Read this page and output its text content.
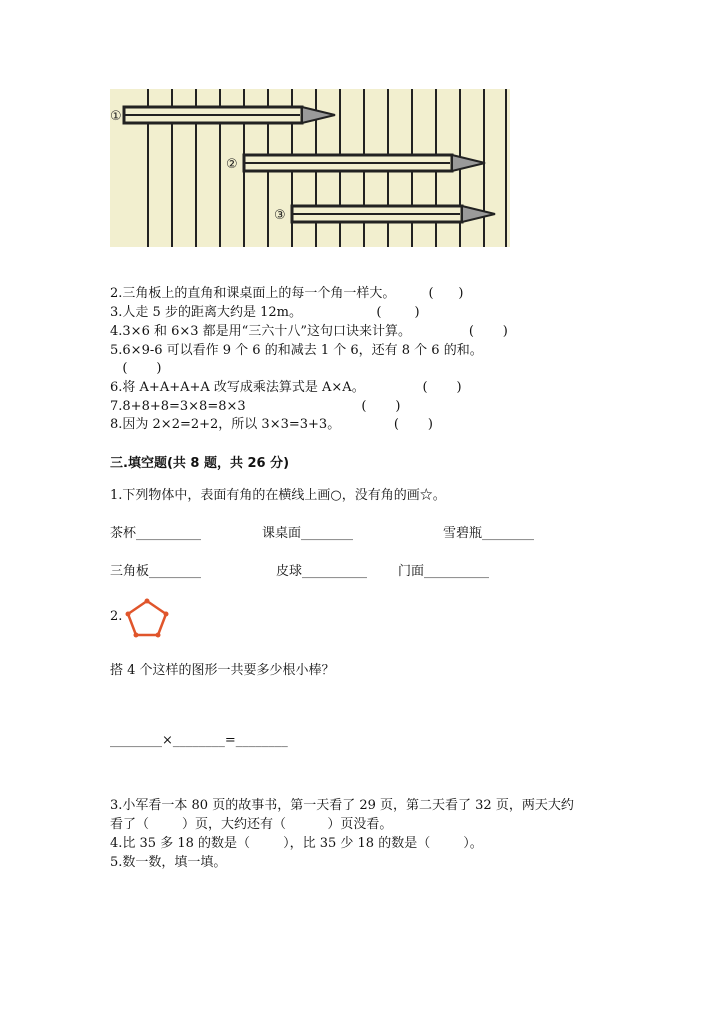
①
②
③
2.三角板上的直角和课桌面上的每一个角一样大。        (      )
3.人走 5 步的距离大约是 12m。                  (        )
4.3×6 和 6×3 都是用“三六十八”这句口诀来计算。              (       )
5.6×9-6 可以看作 9 个 6 的和减去 1 个 6，还有 8 个 6 的和。
(       )
6.将 A+A+A+A 改写成乘法算式是 A×A。              (       )
7.8+8+8=3×8=8×3                            (       )
8.因为 2×2=2+2，所以 3×3=3+3。             (       )
三.填空题(共 8 题，共 26 分)
1.下列物体中，表面有角的在横线上画○，没有角的画☆。
茶杯__________	课桌面________	雪碧瓶________
三角板________	皮球__________ 门面__________
2.
搭 4 个这样的图形一共要多少根小棒？
________×________=________
3.小军看一本 80 页的故事书，第一天看了 29 页，第二天看了 32 页，两天大约
看了（        ）页，大约还有（          ）页没看。
4.比 35 多 18 的数是（        ），比 35 少 18 的数是（        ）。
5.数一数，填一填。
